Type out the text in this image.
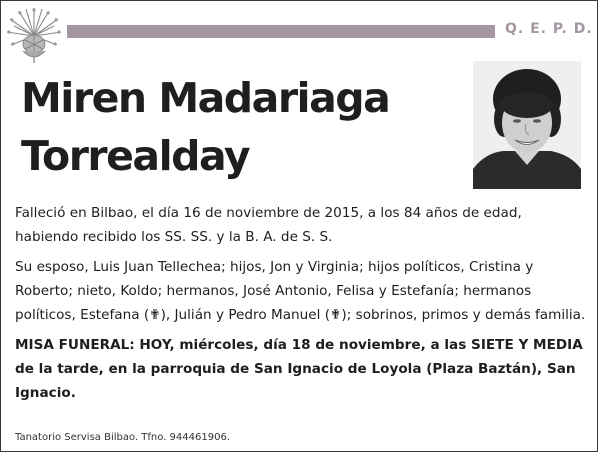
Q. E. P. D.
Miren Madariaga
Torrealday

Falleció en Bilbao, el día 16 de noviembre de 2015, a los 84 años de edad, habiendo recibido los SS. SS. y la B. A. de S. S.

Su esposo, Luis Juan Tellechea; hijos, Jon y Virginia; hijos políticos, Cristina y Roberto; nieto, Koldo; hermanos, José Antonio, Felisa y Estefanía; hermanos políticos, Estefana (✟), Julián y Pedro Manuel (✟); sobrinos, primos y demás familia.

MISA FUNERAL: HOY, miércoles, día 18 de noviembre, a las SIETE Y MEDIA de la tarde, en la parroquia de San Ignacio de Loyola (Plaza Baztán), San Ignacio.

Tanatorio Servisa Bilbao. Tfno. 944461906.
